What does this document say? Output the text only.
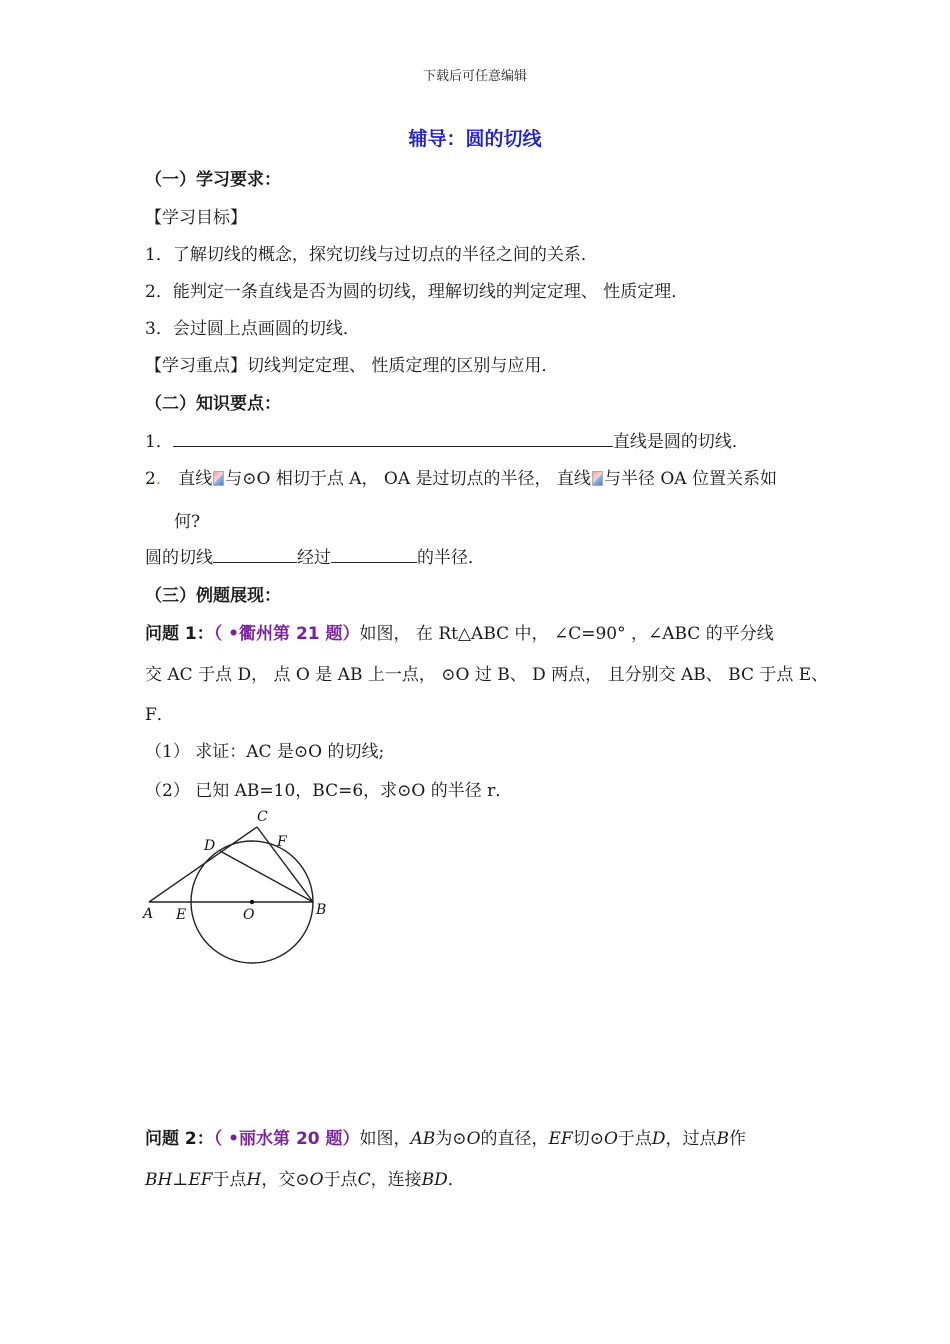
下载后可任意编辑
辅导：圆的切线
（一）学习要求：
【学习目标】
1．了解切线的概念，探究切线与过切点的半径之间的关系．
2．能判定一条直线是否为圆的切线，理解切线的判定定理、 性质定理．
3．会过圆上点画圆的切线．
【学习重点】切线判定定理、 性质定理的区别与应用．
（二）知识要点：
1．	直线是圆的切线．
2． 直线 与⊙O 相切于点 A， OA 是过切点的半径， 直线 与半径 OA 位置关系如
何?
圆的切线	经过	的半径．
（三）例题展现：
问题 1：（ •衢州第 21 题）如图， 在 Rt△ABC 中， ∠C=90° ，∠ABC 的平分线
交 AC 于点 D， 点 O 是 AB 上一点， ⊙O 过 B、 D 两点， 且分别交 AB、 BC 于点 E、
F．
（1） 求证：AC 是⊙O 的切线;
（2） 已知 AB=10，BC=6，求⊙O 的半径 r．
C
D	F
A E	O	B
问题 2：（ •丽水第 20 题）如图，AB为⊙O的直径，EF切⊙O于点D，过点B作
BH⊥EF于点H，交⊙O于点C，连接BD．
